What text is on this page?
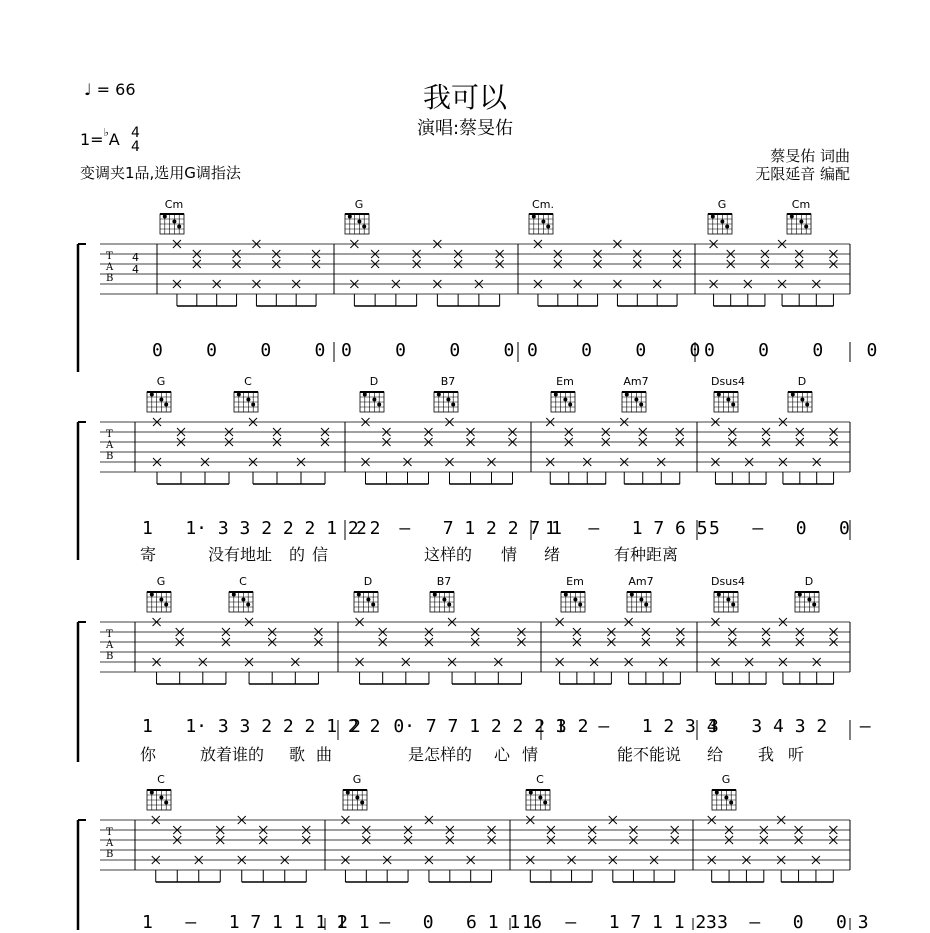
♩ = 66	我可以
演唱:蔡旻佑
1=♭A 4
4
变调夹1品,选用G调指法
蔡旻佑 词曲
无限延音 编配
T
A
B
4
4
T
A
B
T
A
B
T
A
B
Cm	G	Cm.	G	Cm
0    0    0    0 0    0    0    0 0    0    0    0 0    0    0    0
G	C	D	B7	Em	Am7	Dsus4	D
1   1· 3 3 2 2 2 1 2 2
2   –   7 1 2 2 7 1
1   –   1 7 6 5 5   –   0   0
寄	没有地址 的 信	这样的 情 绪	有种距离
G	C	D	B7	Em	Am7	Dsus4	D
1   1· 3 3 2 2 2 1 2 2
2   0· 7 7 1 2 2 2 3 2
1   –   1 2 3 4
3   3 4 3 2   –
你	放着谁的 歌 曲	是怎样的 心 情	能不能说 给 我 听
C	G	C	G
1   –   1 7 1 1 1 2 1
1   –   0   6 1 1 6
1   –   1 7 1 1 2 3
3   –   0   0 3
